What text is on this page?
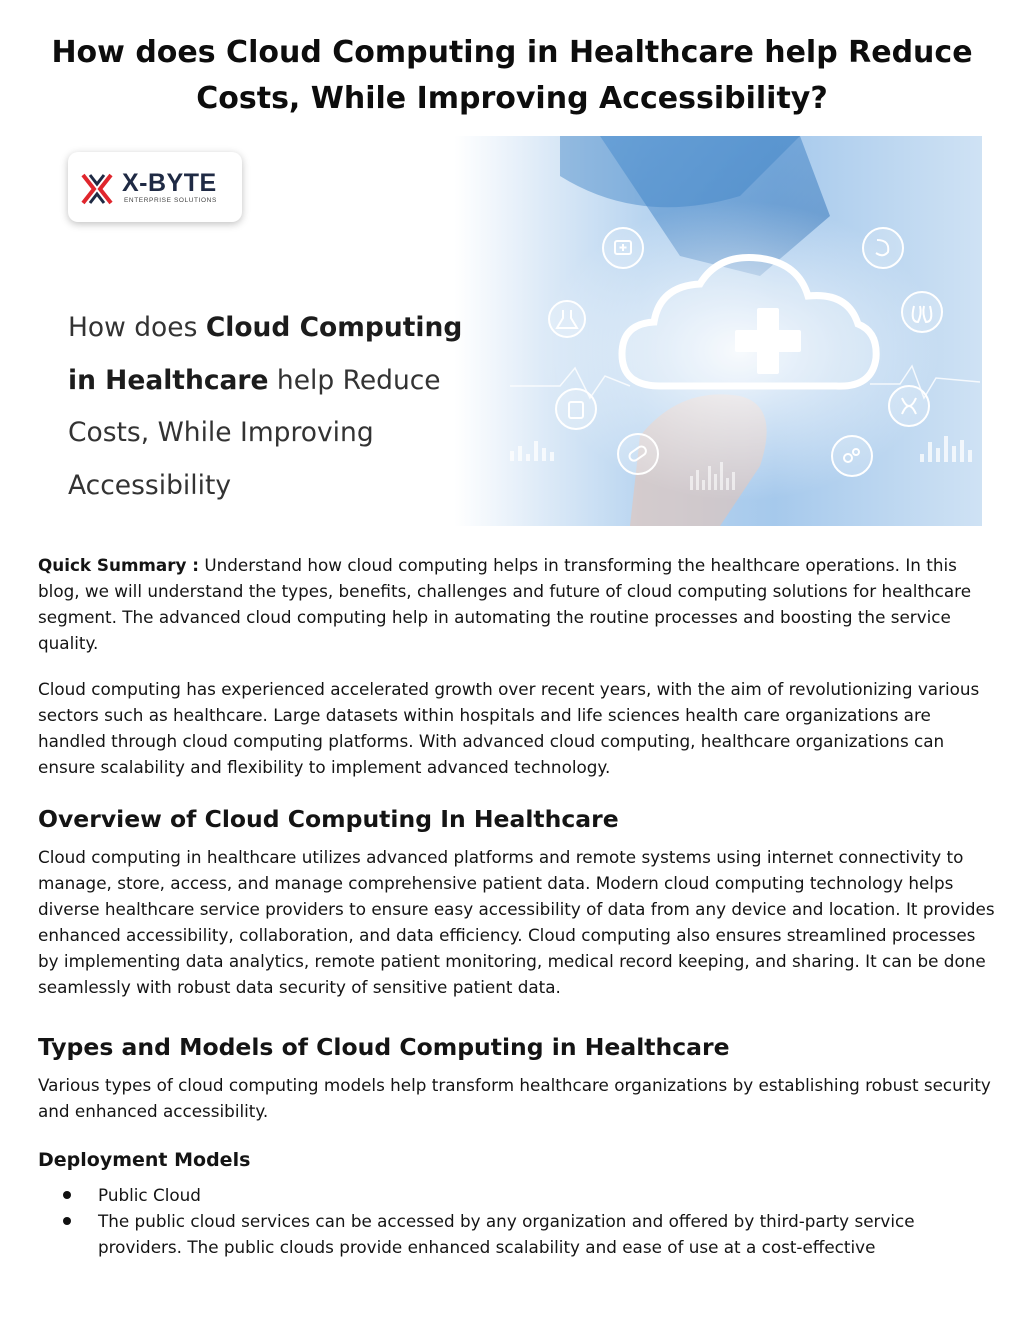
How does Cloud Computing in Healthcare help Reduce Costs, While Improving Accessibility?
X-BYTE
ENTERPRISE SOLUTIONS
How does Cloud Computing
in Healthcare help Reduce
Costs, While Improving
Accessibility

Quick Summary : Understand how cloud computing helps in transforming the healthcare operations. In this blog, we will understand the types, benefits, challenges and future of cloud computing solutions for healthcare segment. The advanced cloud computing help in automating the routine processes and boosting the service quality.

Cloud computing has experienced accelerated growth over recent years, with the aim of revolutionizing various sectors such as healthcare. Large datasets within hospitals and life sciences health care organizations are handled through cloud computing platforms. With advanced cloud computing, healthcare organizations can ensure scalability and flexibility to implement advanced technology.

Overview of Cloud Computing In Healthcare

Cloud computing in healthcare utilizes advanced platforms and remote systems using internet connectivity to manage, store, access, and manage comprehensive patient data. Modern cloud computing technology helps diverse healthcare service providers to ensure easy accessibility of data from any device and location. It provides enhanced accessibility, collaboration, and data efficiency. Cloud computing also ensures streamlined processes by implementing data analytics, remote patient monitoring, medical record keeping, and sharing. It can be done seamlessly with robust data security of sensitive patient data.

Types and Models of Cloud Computing in Healthcare

Various types of cloud computing models help transform healthcare organizations by establishing robust security and enhanced accessibility.

Deployment Models
Public Cloud
The public cloud services can be accessed by any organization and offered by third-party service providers. The public clouds provide enhanced scalability and ease of use at a cost-effective
